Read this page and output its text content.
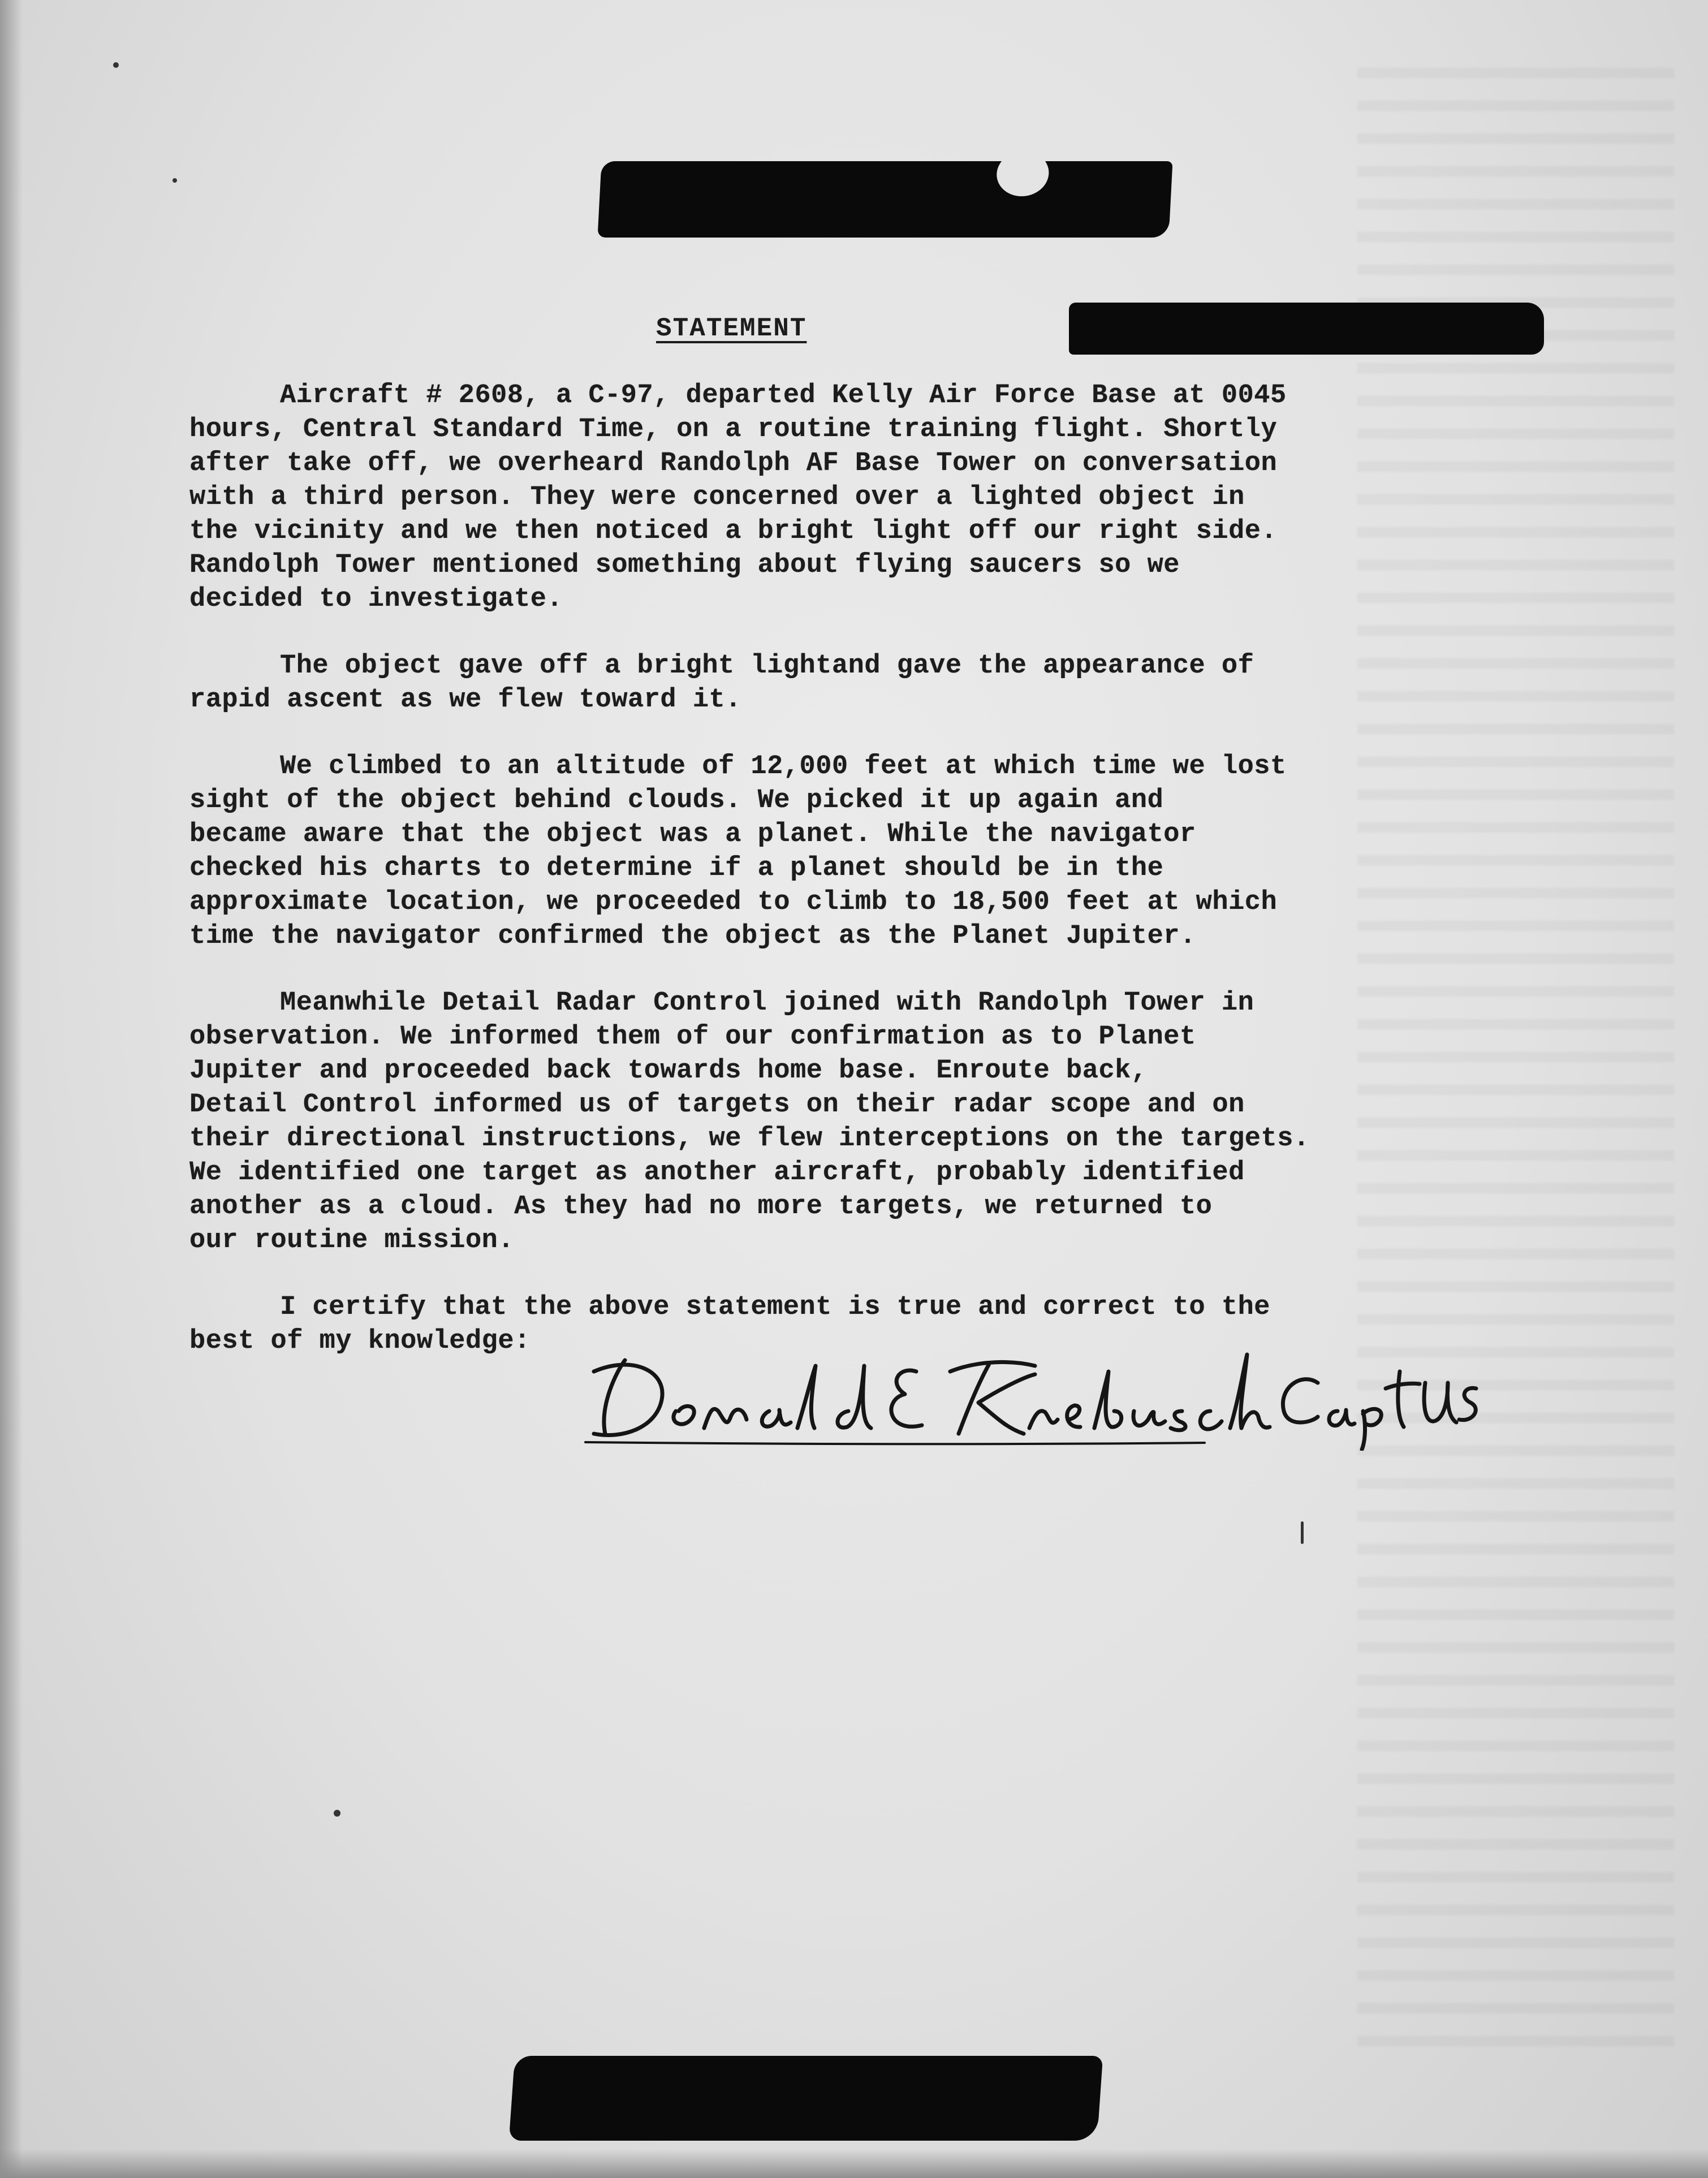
STATEMENT

Aircraft # 2608, a C-97, departed Kelly Air Force Base at 0045
hours, Central Standard Time, on a routine training flight. Shortly
after take off, we overheard Randolph AF Base Tower on conversation
with a third person. They were concerned over a lighted object in
the vicinity and we then noticed a bright light off our right side.
Randolph Tower mentioned something about flying saucers so we
decided to investigate.

The object gave off a bright lightand gave the appearance of
rapid ascent as we flew toward it.

We climbed to an altitude of 12,000 feet at which time we lost
sight of the object behind clouds. We picked it up again and
became aware that the object was a planet. While the navigator
checked his charts to determine if a planet should be in the
approximate location, we proceeded to climb to 18,500 feet at which
time the navigator confirmed the object as the Planet Jupiter.

Meanwhile Detail Radar Control joined with Randolph Tower in
observation. We informed them of our confirmation as to Planet
Jupiter and proceeded back towards home base. Enroute back,
Detail Control informed us of targets on their radar scope and on
their directional instructions, we flew interceptions on the targets.
We identified one target as another aircraft, probably identified
another as a cloud. As they had no more targets, we returned to
our routine mission.

I certify that the above statement is true and correct to the
best of my knowledge:
